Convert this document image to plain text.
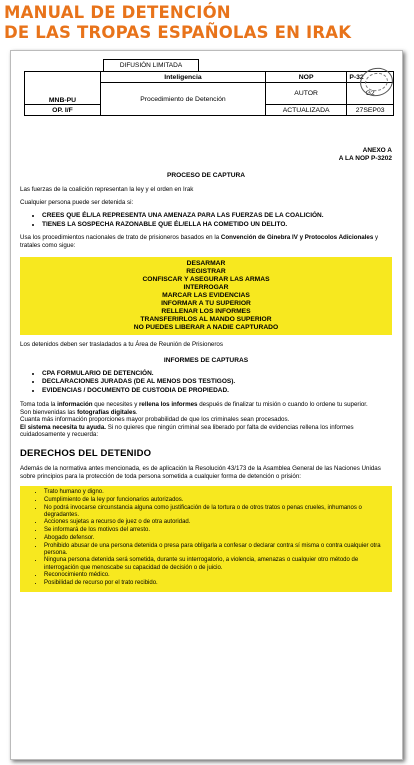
MANUAL DE DETENCIÓN
DE LAS TROPAS ESPAÑOLAS EN IRAK
DIFUSIÓN LIMITADA
	Inteligencia	NOP	P-32
MNB-PU	Procedimiento de Detención	AUTOR	G2
OP. I/F		ACTUALIZADA	27SEP03
ANEXO A
A LA NOP P-3202
PROCESO DE CAPTURA
Las fuerzas de la coalición representan la ley y el orden en Irak
Cualquier persona puede ser detenida si:
• CREES QUE ÉL/LA REPRESENTA UNA AMENAZA PARA LAS FUERZAS DE LA COALICIÓN.
• TIENES LA SOSPECHA RAZONABLE QUE ÉL/ELLA HA COMETIDO UN DELITO.
Usa los procedimientos nacionales de trato de prisioneros basados en la Convención de Ginebra IV y Protocolos Adicionales y tratales como sigue:
DESARMAR
REGISTRAR
CONFISCAR Y ASEGURAR LAS ARMAS
INTERROGAR
MARCAR LAS EVIDENCIAS
INFORMAR A TU SUPERIOR
RELLENAR LOS INFORMES
TRANSFERIRLOS AL MANDO SUPERIOR
NO PUEDES LIBERAR A NADIE CAPTURADO
Los detenidos deben ser trasladados a tu Área de Reunión de Prisioneros
INFORMES DE CAPTURAS
• CPA FORMULARIO DE DETENCIÓN.
• DECLARACIONES JURADAS (DE AL MENOS DOS TESTIGOS).
• EVIDENCIAS / DOCUMENTO DE CUSTODIA DE PROPIEDAD.
Toma toda la información que necesites y rellena los informes después de finalizar tu misión o cuando lo ordene tu superior.
Son bienvenidas las fotografías digitales.
Cuanta más información proporciones mayor probabilidad de que los criminales sean procesados.
El sistema necesita tu ayuda. Si no quieres que ningún criminal sea liberado por falta de evidencias rellena los informes cuidadosamente y recuerda:
DERECHOS DEL DETENIDO
Además de la normativa antes mencionada, es de aplicación la Resolución 43/173 de la Asamblea General de las Naciones Unidas sobre principios para la protección de toda persona sometida a cualquier forma de detención o prisión:
• Trato humano y digno.
• Cumplimiento de la ley por funcionarios autorizados.
• No podrá invocarse circunstancia alguna como justificación de la tortura o de otros tratos o penas crueles, inhumanos o degradantes.
• Acciones sujetas a recurso de juez o de otra autoridad.
• Se informará de los motivos del arresto.
• Abogado defensor.
• Prohibido abusar de una persona detenida o presa para obligarla a confesar o declarar contra sí misma o contra cualquier otra persona.
• Ninguna persona detenida será sometida, durante su interrogatorio, a violencia, amenazas o cualquier otro método de interrogación que menoscabe su capacidad de decisión o de juicio.
• Reconocimiento médico.
• Posibilidad de recurso por el trato recibido.
